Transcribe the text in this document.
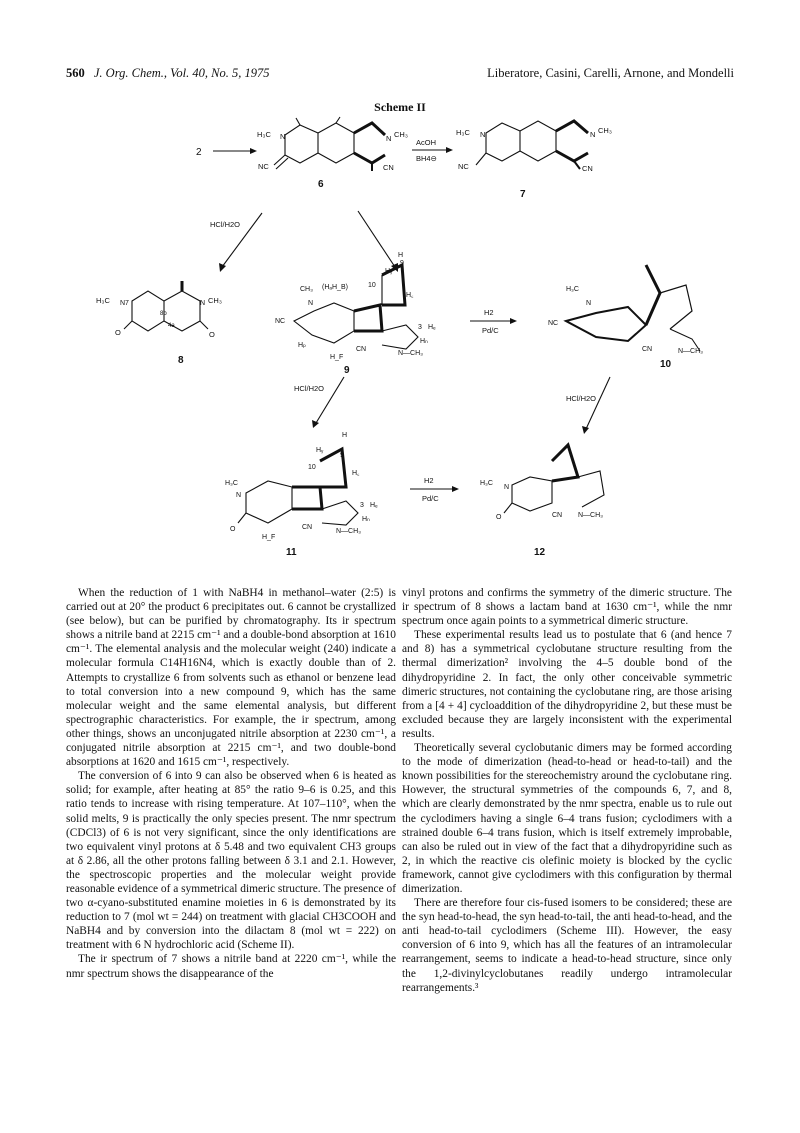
560 J. Org. Chem., Vol. 40, No. 5, 1975	Liberatore, Casini, Carelli, Arnone, and Mondelli
Scheme II
2
H₃C N
NC
N CH₃
CN
6
AcOH
BH4⊖
H₃C N
NC
N CH₃
CN
7
HCl/H2O
H₃C N7	N CH₃
O	O
8b
4a
8
CH₃ (HₐH_B)
N
NC
9
H
Hᵧ
10
H꜀
3 Hₑ
Hₙ
N—CH₃
CN
Hₚ
H_F
9
H2
Pd/C
H₃C
N
NC
CN	N—CH₃
10
HCl/H2O
HCl/H2O
H
Hᵧ
9
10
H꜀
H₃C
N
3 Hₑ
Hₙ
N—CH₃
CN
O
H_F
11
H2
Pd/C
H₃C
N
O	CN N—CH₃
12

When the reduction of 1 with NaBH4 in methanol–water (2:5) is carried out at 20° the product 6 precipitates out. 6 cannot be crystallized (see below), but can be purified by chromatography. Its ir spectrum shows a nitrile band at 2215 cm⁻¹ and a double-bond absorption at 1610 cm⁻¹. The elemental analysis and the molecular weight (240) indicate a molecular formula C14H16N4, which is exactly double than of 2. Attempts to crystallize 6 from solvents such as ethanol or benzene lead to total conversion into a new compound 9, which has the same molecular weight and the same elemental analysis, but different spectrographic characteristics. For example, the ir spectrum, among other things, shows an unconjugated nitrile absorption at 2230 cm⁻¹, a conjugated nitrile absorption at 2215 cm⁻¹, and two double-bond absorptions at 1620 and 1615 cm⁻¹, respectively.

The conversion of 6 into 9 can also be observed when 6 is heated as solid; for example, after heating at 85° the ratio 9–6 is 0.25, and this ratio tends to increase with rising temperature. At 107–110°, when the solid melts, 9 is practically the only species present. The nmr spectrum (CDCl3) of 6 is not very significant, since the only identifications are two equivalent vinyl protons at δ 5.48 and two equivalent CH3 groups at δ 2.86, all the other protons falling between δ 3.1 and 2.1. However, the spectroscopic properties and the molecular weight provide reasonable evidence of a symmetrical dimeric structure. The presence of two α-cyano-substituted enamine moieties in 6 is demonstrated by its reduction to 7 (mol wt = 244) on treatment with glacial CH3COOH and NaBH4 and by conversion into the dilactam 8 (mol wt = 222) on treatment with 6 N hydrochloric acid (Scheme II).

The ir spectrum of 7 shows a nitrile band at 2220 cm⁻¹, while the nmr spectrum shows the disappearance of the

vinyl protons and confirms the symmetry of the dimeric structure. The ir spectrum of 8 shows a lactam band at 1630 cm⁻¹, while the nmr spectrum once again points to a symmetrical dimeric structure.

These experimental results lead us to postulate that 6 (and hence 7 and 8) has a symmetrical cyclobutane structure resulting from the thermal dimerization² involving the 4–5 double bond of the dihydropyridine 2. In fact, the only other conceivable symmetric dimeric structures, not containing the cyclobutane ring, are those arising from a [4 + 4] cycloaddition of the dihydropyridine 2, but these must be excluded because they are largely inconsistent with the experimental results.

Theoretically several cyclobutanic dimers may be formed according to the mode of dimerization (head-to-head or head-to-tail) and the known possibilities for the stereochemistry around the cyclobutane ring. However, the structural symmetries of the compounds 6, 7, and 8, which are clearly demonstrated by the nmr spectra, enable us to rule out the cyclodimers having a single 6–4 trans fusion; cyclodimers with a strained double 6–4 trans fusion, which is itself extremely improbable, can also be ruled out in view of the fact that a dihydropyridine such as 2, in which the reactive cis olefinic moiety is blocked by the cyclic framework, cannot give cyclodimers with this configuration by thermal dimerization.

There are therefore four cis-fused isomers to be considered; these are the syn head-to-head, the syn head-to-tail, the anti head-to-head, and the anti head-to-tail cyclodimers (Scheme III). However, the easy conversion of 6 into 9, which has all the features of an intramolecular rearrangement, seems to indicate a head-to-head structure, since only the 1,2-divinylcyclobutanes readily undergo intramolecular rearrangements.³
